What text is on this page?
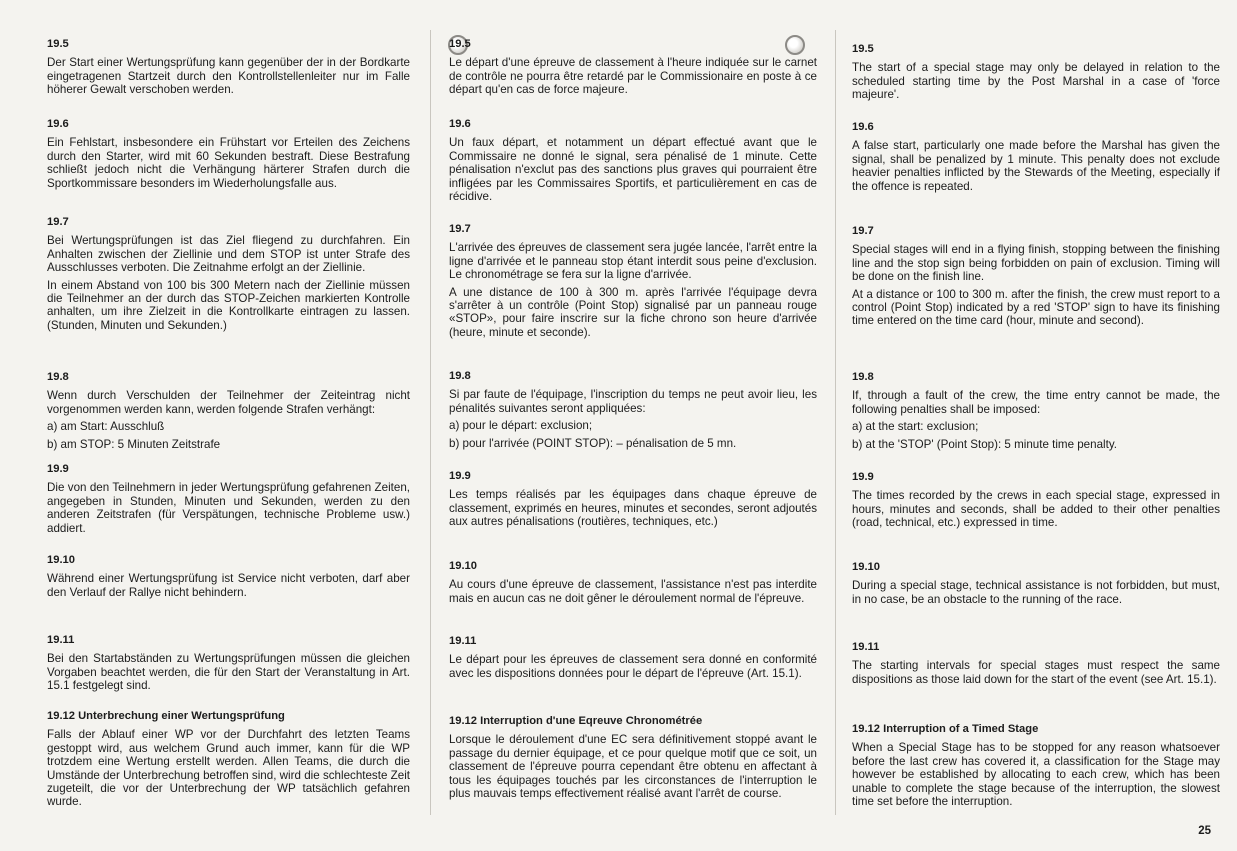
19.5

Der Start einer Wertungsprüfung kann gegenüber der in der Bordkarte eingetragenen Startzeit durch den Kontrollstellenleiter nur im Falle höherer Gewalt verschoben werden.

19.6

Ein Fehlstart, insbesondere ein Frühstart vor Erteilen des Zeichens durch den Starter, wird mit 60 Sekunden bestraft. Diese Bestrafung schließt jedoch nicht die Verhängung härterer Strafen durch die Sportkommissare besonders im Wiederholungsfalle aus.

19.7

Bei Wertungsprüfungen ist das Ziel fliegend zu durchfahren. Ein Anhalten zwischen der Ziellinie und dem STOP ist unter Strafe des Ausschlusses verboten. Die Zeitnahme erfolgt an der Ziellinie.

In einem Abstand von 100 bis 300 Metern nach der Ziellinie müssen die Teilnehmer an der durch das STOP-Zeichen markierten Kontrolle anhalten, um ihre Zielzeit in die Kontrollkarte eintragen zu lassen. (Stunden, Minuten und Sekunden.)

19.8

Wenn durch Verschulden der Teilnehmer der Zeiteintrag nicht vorgenommen werden kann, werden folgende Strafen verhängt:

a) am Start: Ausschluß

b) am STOP: 5 Minuten Zeitstrafe

19.9

Die von den Teilnehmern in jeder Wertungsprüfung gefahrenen Zeiten, angegeben in Stunden, Minuten und Sekunden, werden zu den anderen Zeitstrafen (für Verspätungen, technische Probleme usw.) addiert.

19.10

Während einer Wertungsprüfung ist Service nicht verboten, darf aber den Verlauf der Rallye nicht behindern.

19.11

Bei den Startabständen zu Wertungsprüfungen müssen die gleichen Vorgaben beachtet werden, die für den Start der Veranstaltung in Art. 15.1 festgelegt sind.

19.12 Unterbrechung einer Wertungsprüfung

Falls der Ablauf einer WP vor der Durchfahrt des letzten Teams gestoppt wird, aus welchem Grund auch immer, kann für die WP trotzdem eine Wertung erstellt werden. Allen Teams, die durch die Umstände der Unterbrechung betroffen sind, wird die schlechteste Zeit zugeteilt, die vor der Unterbrechung der WP tatsächlich gefahren wurde.

19.5

Le départ d'une épreuve de classement à l'heure indiquée sur le carnet de contrôle ne pourra être retardé par le Commissionaire en poste à ce départ qu'en cas de force majeure.

19.6

Un faux départ, et notamment un départ effectué avant que le Commissaire ne donné le signal, sera pénalisé de 1 minute. Cette pénalisation n'exclut pas des sanctions plus graves qui pourraient être infligées par les Commissaires Sportifs, et particulièrement en cas de récidive.

19.7

L'arrivée des épreuves de classement sera jugée lancée, l'arrêt entre la ligne d'arrivée et le panneau stop étant interdit sous peine d'exclusion. Le chronométrage se fera sur la ligne d'arrivée.

A une distance de 100 à 300 m. après l'arrivée l'équipage devra s'arrêter à un contrôle (Point Stop) signalisé par un panneau rouge «STOP», pour faire inscrire sur la fiche chrono son heure d'arrivée (heure, minute et seconde).

19.8

Si par faute de l'équipage, l'inscription du temps ne peut avoir lieu, les pénalités suivantes seront appliquées:

a) pour le départ: exclusion;

b) pour l'arrivée (POINT STOP): – pénalisation de 5 mn.

19.9

Les temps réalisés par les équipages dans chaque épreuve de classement, exprimés en heures, minutes et secondes, seront adjoutés aux autres pénalisations (routières, techniques, etc.)

19.10

Au cours d'une épreuve de classement, l'assistance n'est pas interdite mais en aucun cas ne doit gêner le déroulement normal de l'épreuve.

19.11

Le départ pour les épreuves de classement sera donné en conformité avec les dispositions données pour le départ de l'épreuve (Art. 15.1).

19.12 Interruption d'une Eqreuve Chronométrée

Lorsque le déroulement d'une EC sera définitivement stoppé avant le passage du dernier équipage, et ce pour quelque motif que ce soit, un classement de l'épreuve pourra cependant être obtenu en affectant à tous les équipages touchés par les circonstances de l'interruption le plus mauvais temps effectivement réalisé avant l'arrêt de course.

19.5

The start of a special stage may only be delayed in relation to the scheduled starting time by the Post Marshal in a case of 'force majeure'.

19.6

A false start, particularly one made before the Marshal has given the signal, shall be penalized by 1 minute. This penalty does not exclude heavier penalties inflicted by the Stewards of the Meeting, especially if the offence is repeated.

19.7

Special stages will end in a flying finish, stopping between the finishing line and the stop sign being forbidden on pain of exclusion. Timing will be done on the finish line.

At a distance or 100 to 300 m. after the finish, the crew must report to a control (Point Stop) indicated by a red 'STOP' sign to have its finishing time entered on the time card (hour, minute and second).

19.8

If, through a fault of the crew, the time entry cannot be made, the following penalties shall be imposed:

a) at the start: exclusion;

b) at the 'STOP' (Point Stop): 5 minute time penalty.

19.9

The times recorded by the crews in each special stage, expressed in hours, minutes and seconds, shall be added to their other penalties (road, technical, etc.) expressed in time.

19.10

During a special stage, technical assistance is not forbidden, but must, in no case, be an obstacle to the running of the race.

19.11

The starting intervals for special stages must respect the same dispositions as those laid down for the start of the event (see Art. 15.1).

19.12 Interruption of a Timed Stage

When a Special Stage has to be stopped for any reason whatsoever before the last crew has covered it, a classification for the Stage may however be established by allocating to each crew, which has been unable to complete the stage because of the interruption, the slowest time set before the interruption.

25
